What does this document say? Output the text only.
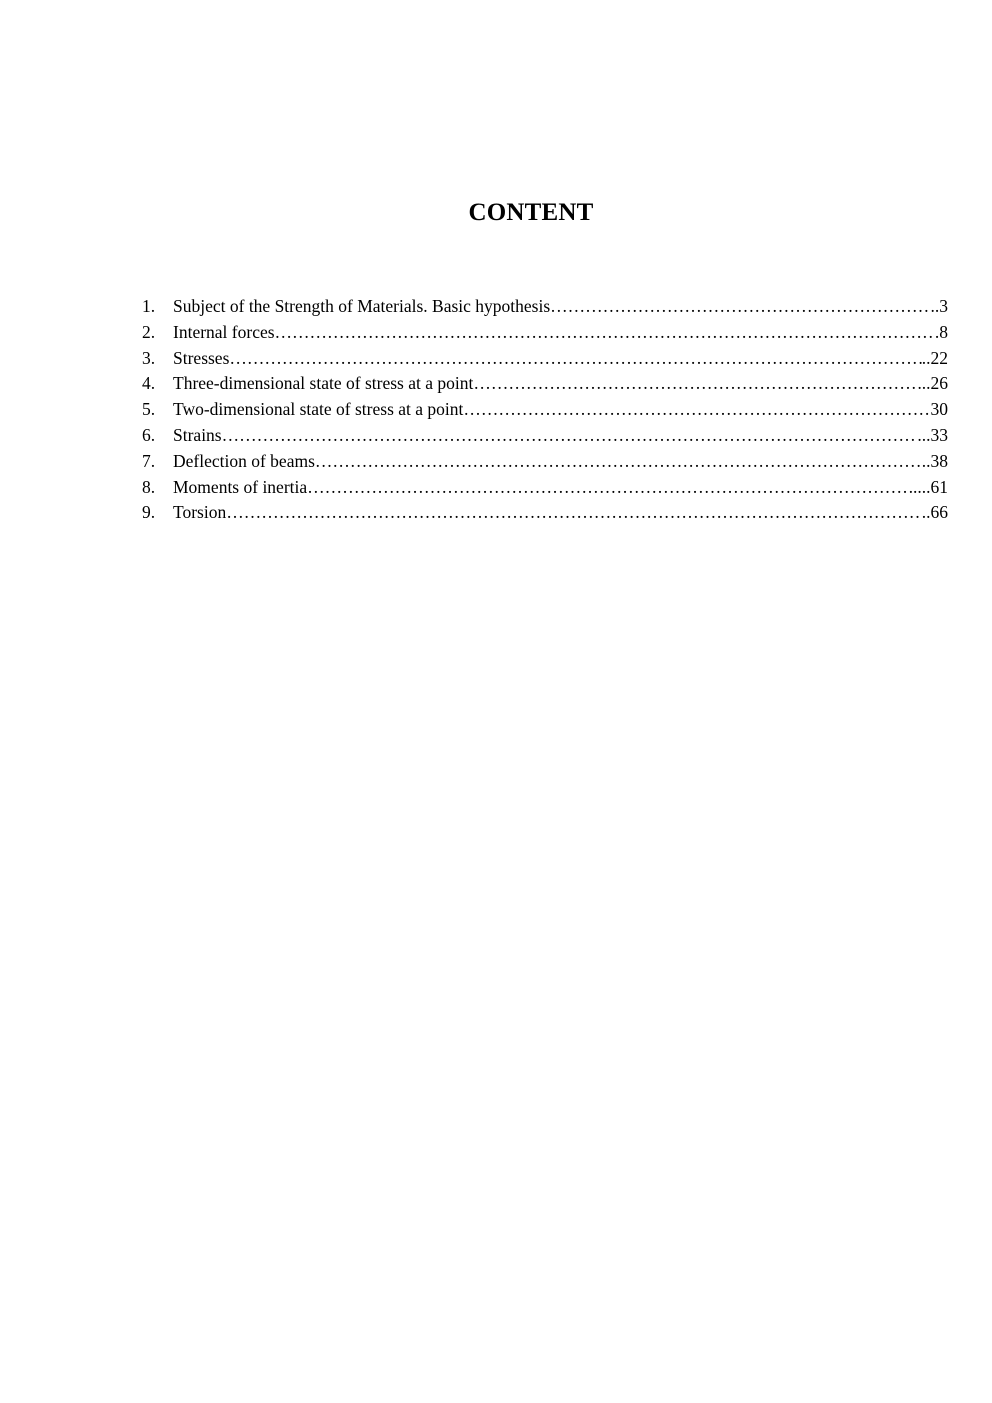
CONTENT
1.	Subject of the Strength of Materials. Basic hypothesis ……………………………………………………………………………………………………………………………………………………………………………………	..3
2.	Internal forces ……………………………………………………………………………………………………………………………………………………………………………………	.8
3.	Stresses ……………………………………………………………………………………………………………………………………………………………………………………	..22
4.	Three-dimensional state of stress at a point ……………………………………………………………………………………………………………………………………………………………………………………	..26
5.	Two-dimensional state of stress at a point ……………………………………………………………………………………………………………………………………………………………………………………	30
6.	Strains ……………………………………………………………………………………………………………………………………………………………………………………	...33
7.	Deflection of beams ……………………………………………………………………………………………………………………………………………………………………………………	..38
8.	Moments of inertia ……………………………………………………………………………………………………………………………………………………………………………………	....61
9.	Torsion ……………………………………………………………………………………………………………………………………………………………………………………	..66
